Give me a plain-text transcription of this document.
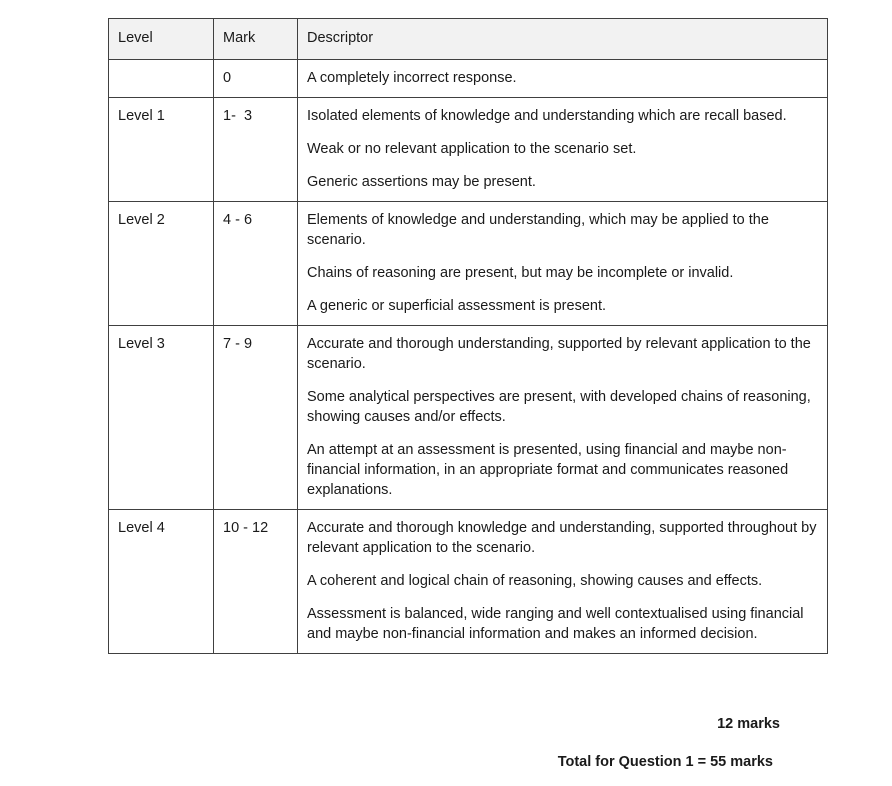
Level	Mark	Descriptor
	0	A completely incorrect response.

Level 1	1-  3	Isolated elements of knowledge and understanding which are recall based.

Weak or no relevant application to the scenario set.

Generic assertions may be present.

Level 2	4 - 6	Elements of knowledge and understanding, which may be applied to the scenario.

Chains of reasoning are present, but may be incomplete or invalid.

A generic or superficial assessment is present.

Level 3	7 - 9	Accurate and thorough understanding, supported by relevant application to the scenario.

Some analytical perspectives are present, with developed chains of reasoning, showing causes and/or effects.

An attempt at an assessment is presented, using financial and maybe non-financial information, in an appropriate format and communicates reasoned explanations.

Level 4	10 - 12	Accurate and thorough knowledge and understanding, supported throughout by relevant application to the scenario.

A coherent and logical chain of reasoning, showing causes and effects.

Assessment is balanced, wide ranging and well contextualised using financial and maybe non-financial information and makes an informed decision.

12 marks
Total for Question 1 = 55 marks
